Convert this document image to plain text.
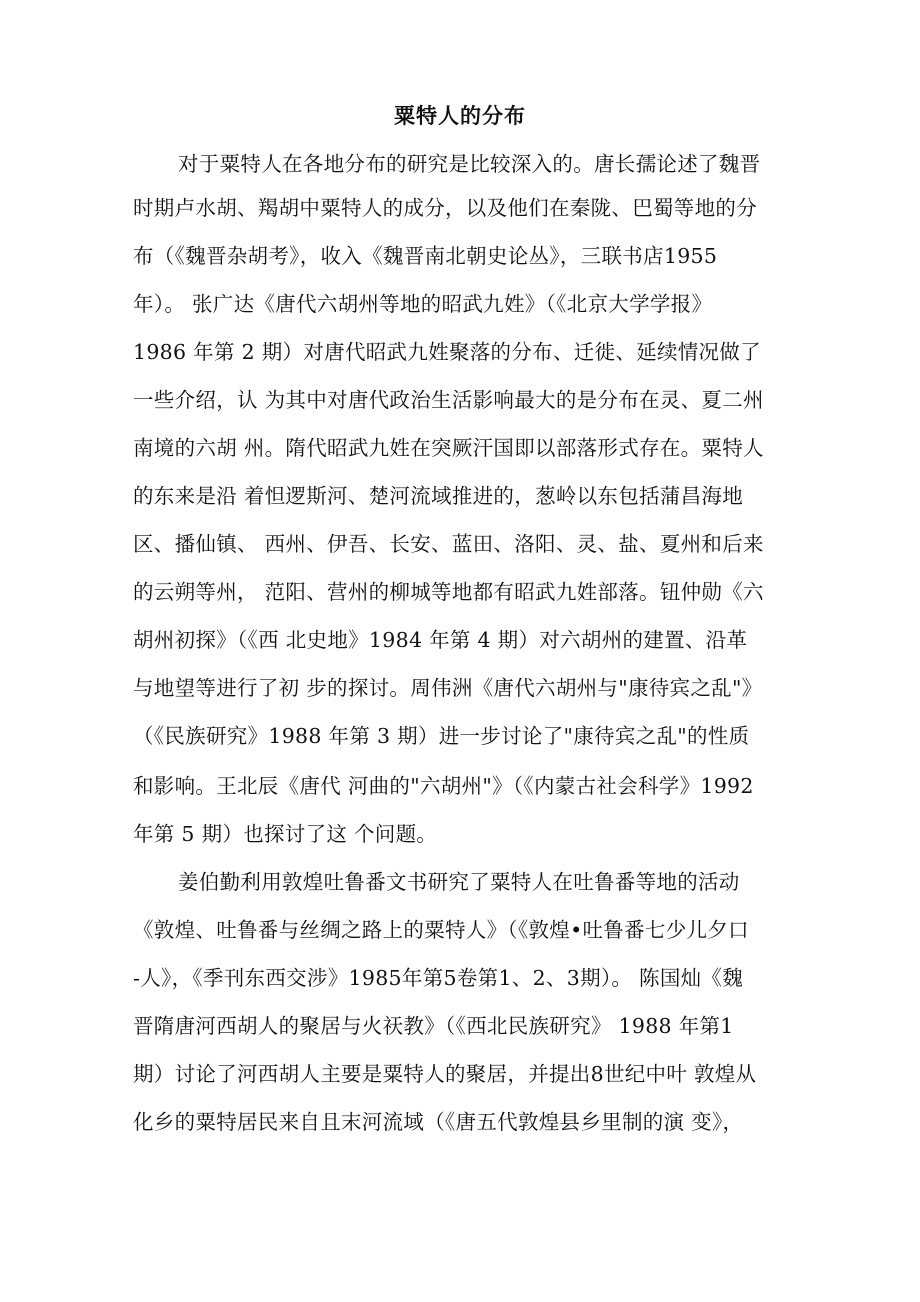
粟特人的分布
对于粟特人在各地分布的研究是比较深入的。唐长孺论述了魏晋
时期卢水胡、羯胡中粟特人的成分，以及他们在秦陇、巴蜀等地的分
布（《魏晋杂胡考》，收入《魏晋南北朝史论丛》，三联书店1955
年）。 张广达《唐代六胡州等地的昭武九姓》（《北京大学学报》
1986 年第 2 期）对唐代昭武九姓聚落的分布、迁徙、延续情况做了
一些介绍，认 为其中对唐代政治生活影响最大的是分布在灵、夏二州
南境的六胡 州。隋代昭武九姓在突厥汗国即以部落形式存在。粟特人
的东来是沿 着怛逻斯河、楚河流域推进的，葱岭以东包括蒲昌海地
区、播仙镇、 西州、伊吾、长安、蓝田、洛阳、灵、盐、夏州和后来
的云朔等州， 范阳、营州的柳城等地都有昭武九姓部落。钮仲勋《六
胡州初探》（《西 北史地》1984 年第 4 期）对六胡州的建置、沿革
与地望等进行了初 步的探讨。周伟洲《唐代六胡州与"康待宾之乱"》
（《民族研究》1988 年第 3 期）进一步讨论了"康待宾之乱"的性质
和影响。王北辰《唐代 河曲的"六胡州"》（《内蒙古社会科学》1992
年第 5 期）也探讨了这 个问题。
姜伯勤利用敦煌吐鲁番文书研究了粟特人在吐鲁番等地的活动
《敦煌、吐鲁番与丝绸之路上的粟特人》（《敦煌•吐鲁番七少儿夕口
-人》，《季刊东西交涉》1985年第5卷第1、2、3期）。 陈国灿《魏
晋隋唐河西胡人的聚居与火祆教》（《西北民族研究》 1988 年第1
期）讨论了河西胡人主要是粟特人的聚居，并提出8世纪中叶 敦煌从
化乡的粟特居民来自且末河流域（《唐五代敦煌县乡里制的演 变》，
